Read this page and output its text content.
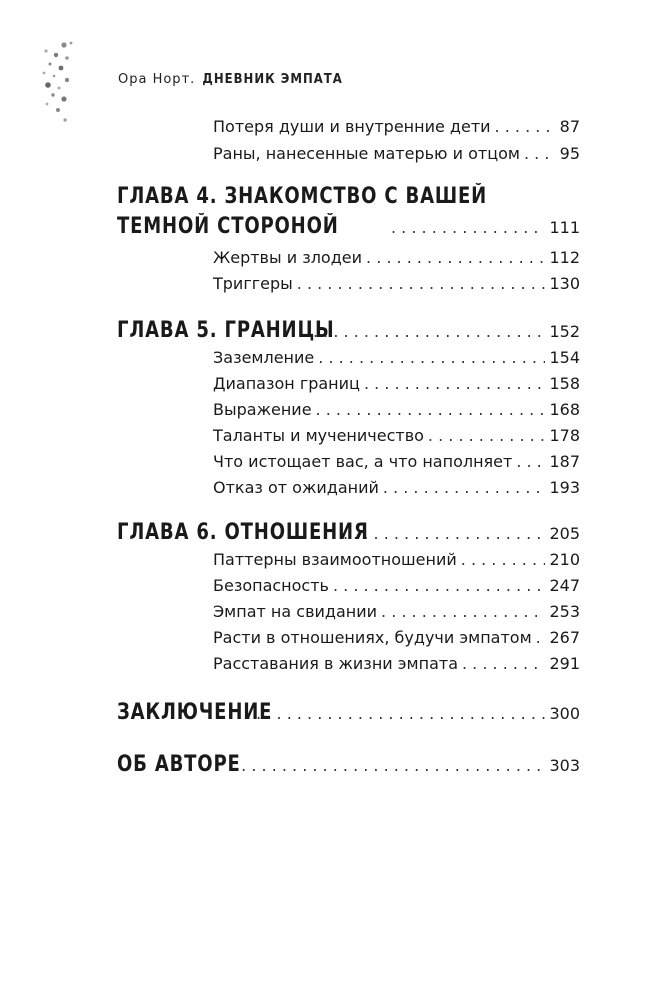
Ора Норт. ДНЕВНИК ЭМПАТА
Потеря души и внутренние дети . . .	87
Раны, нанесенные матерью и отцом . . . 95
ГЛАВА 4. ЗНАКОМСТВО С ВАШЕЙ
ТЕМНОЙ СТОРОНОЙ . . .	111
Жертвы и злодеи . . .	112
Триггеры . . .	130
ГЛАВА 5. ГРАНИЦЫ . . .	152
Заземление . . .	154
Диапазон границ . . .	158
Выражение . . .	168
Таланты и мученичество . . .	178
Что истощает вас, а что наполняет . . . 187
Отказ от ожиданий . . .	193
ГЛАВА 6. ОТНОШЕНИЯ . . .	205
Паттерны взаимоотношений . . .	210
Безопасность . . .	247
Эмпат на свидании . . .	253
Расти в отношениях, будучи эмпатом . . . 267
Расставания в жизни эмпата . . .	291
ЗАКЛЮЧЕНИЕ . . .	300
ОБ АВТОРЕ . . .	303
